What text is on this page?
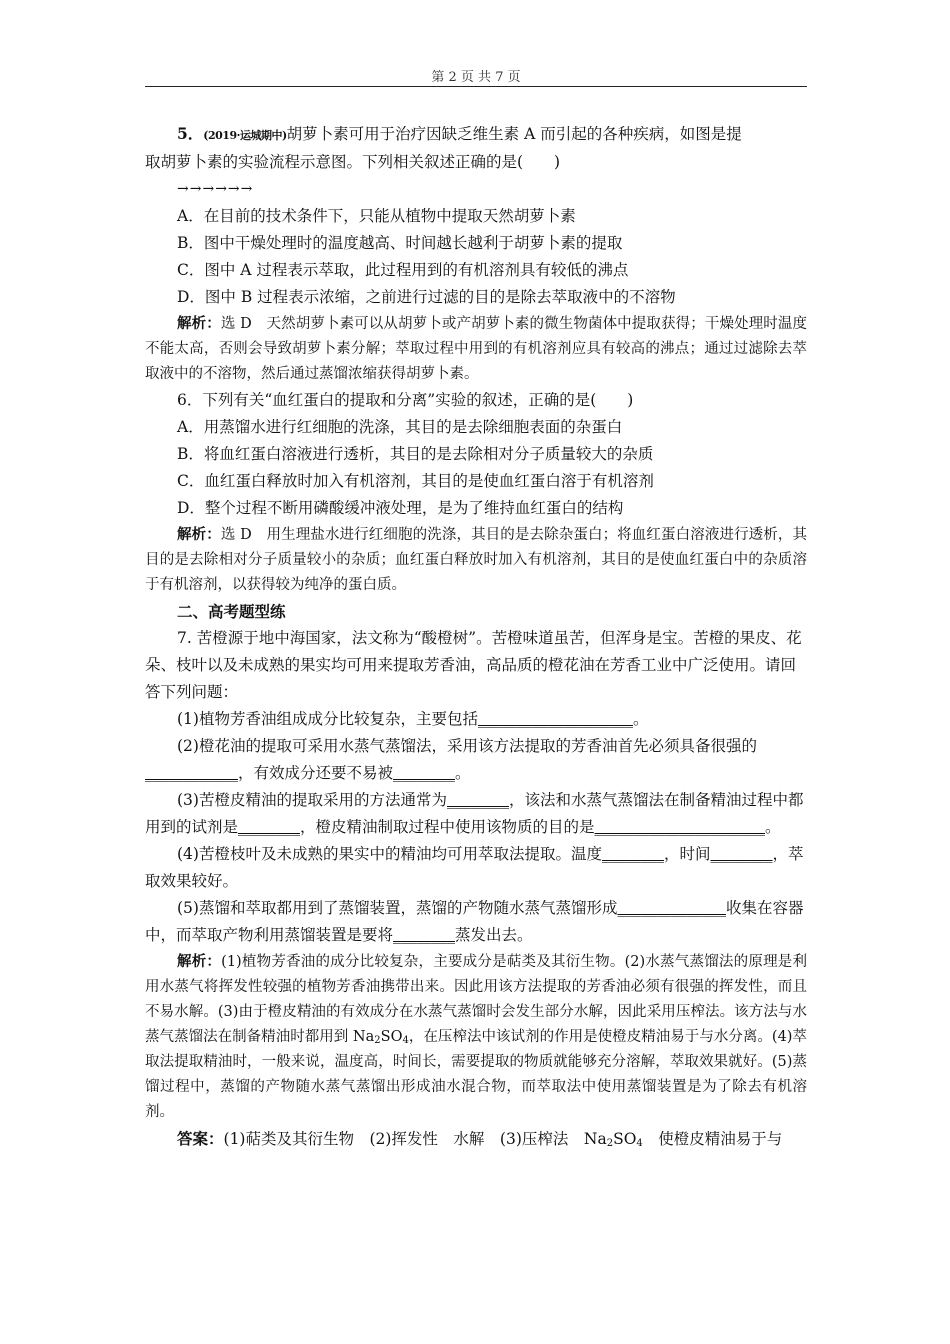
第 2 页 共 7 页

5．(2019·运城期中)胡萝卜素可用于治疗因缺乏维生素 A 而引起的各种疾病，如图是提

取胡萝卜素的实验流程示意图。下列相关叙述正确的是(　　)

→→→→→→

A．在目前的技术条件下，只能从植物中提取天然胡萝卜素

B．图中干燥处理时的温度越高、时间越长越利于胡萝卜素的提取

C．图中 A 过程表示萃取，此过程用到的有机溶剂具有较低的沸点

D．图中 B 过程表示浓缩，之前进行过滤的目的是除去萃取液中的不溶物

解析：选 D　天然胡萝卜素可以从胡萝卜或产胡萝卜素的微生物菌体中提取获得；干燥处理时温度不能太高，否则会导致胡萝卜素分解；萃取过程中用到的有机溶剂应具有较高的沸点；通过过滤除去萃取液中的不溶物，然后通过蒸馏浓缩获得胡萝卜素。

6．下列有关“血红蛋白的提取和分离”实验的叙述，正确的是(　　)

A．用蒸馏水进行红细胞的洗涤，其目的是去除细胞表面的杂蛋白

B．将血红蛋白溶液进行透析，其目的是去除相对分子质量较大的杂质

C．血红蛋白释放时加入有机溶剂，其目的是使血红蛋白溶于有机溶剂

D．整个过程不断用磷酸缓冲液处理，是为了维持血红蛋白的结构

解析：选 D　用生理盐水进行红细胞的洗涤，其目的是去除杂蛋白；将血红蛋白溶液进行透析，其目的是去除相对分子质量较小的杂质；血红蛋白释放时加入有机溶剂，其目的是使血红蛋白中的杂质溶于有机溶剂，以获得较为纯净的蛋白质。

二、高考题型练

7. 苦橙源于地中海国家，法文称为“酸橙树”。苦橙味道虽苦，但浑身是宝。苦橙的果皮、花朵、枝叶以及未成熟的果实均可用来提取芳香油，高品质的橙花油在芳香工业中广泛使用。请回答下列问题：

(1)植物芳香油组成成分比较复杂，主要包括____________________。

(2)橙花油的提取可采用水蒸气蒸馏法，采用该方法提取的芳香油首先必须具备很强的____________，有效成分还要不易被________。

(3)苦橙皮精油的提取采用的方法通常为________，该法和水蒸气蒸馏法在制备精油过程中都用到的试剂是________，橙皮精油制取过程中使用该物质的目的是______________________。

(4)苦橙枝叶及未成熟的果实中的精油均可用萃取法提取。温度________，时间________，萃取效果较好。

(5)蒸馏和萃取都用到了蒸馏装置，蒸馏的产物随水蒸气蒸馏形成______________收集在容器中，而萃取产物利用蒸馏装置是要将________蒸发出去。

解析：(1)植物芳香油的成分比较复杂，主要成分是萜类及其衍生物。(2)水蒸气蒸馏法的原理是利用水蒸气将挥发性较强的植物芳香油携带出来。因此用该方法提取的芳香油必须有很强的挥发性，而且不易水解。(3)由于橙皮精油的有效成分在水蒸气蒸馏时会发生部分水解，因此采用压榨法。该方法与水蒸气蒸馏法在制备精油时都用到 $Na_2SO_4$，在压榨法中该试剂的作用是使橙皮精油易于与水分离。(4)萃取法提取精油时，一般来说，温度高，时间长，需要提取的物质就能够充分溶解，萃取效果就好。(5)蒸馏过程中，蒸馏的产物随水蒸气蒸馏出形成油水混合物，而萃取法中使用蒸馏装置是为了除去有机溶剂。

答案：(1)萜类及其衍生物　(2)挥发性　水解　(3)压榨法　$Na_2SO_4$　使橙皮精油易于与
